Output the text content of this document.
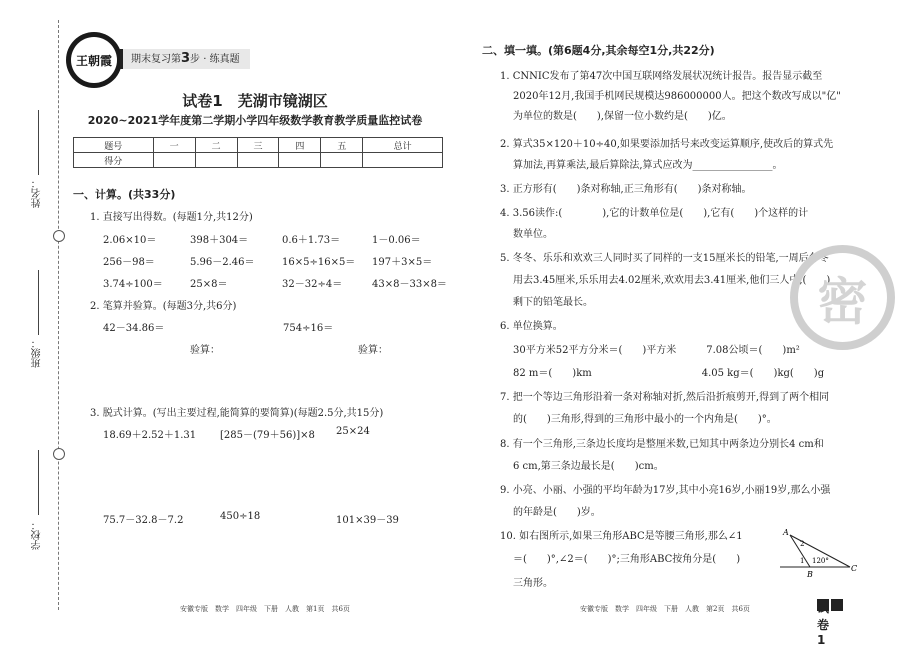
姓名：
班级：
学校：
王朝霞	期末复习第3步 · 练真题
试卷1　芜湖市镜湖区
2020~2021学年度第二学期小学四年级数学教育教学质量监控试卷
题号	一	二	三	四	五	总计
得分						
一、计算。(共33分)
1. 直接写出得数。(每题1分,共12分)
2.06×10＝	398＋304＝	0.6＋1.73＝	1－0.06＝
256－98＝	5.96－2.46＝	16×5÷16×5＝ 197＋3×5＝
3.74÷100＝	25×8＝	32－32÷4＝	43×8－33×8＝
2. 笔算并验算。(每题3分,共6分)
42－34.86＝	754÷16＝
验算：	验算：
3. 脱式计算。(写出主要过程,能简算的要简算)(每题2.5分,共15分)
18.69＋2.52＋1.31 [285－(79＋56)]×8 25×24
75.7－32.8－7.2	450÷18	101×39－39
二、填一填。(第6题4分,其余每空1分,共22分)
1. CNNIC发布了第47次中国互联网络发展状况统计报告。报告显示截至
2020年12月,我国手机网民规模达986000000人。把这个数改写成以"亿"
为单位的数是(　　),保留一位小数约是(　　)亿。
2. 算式35×120＋10÷40,如果要添加括号来改变运算顺序,使改后的算式先
算加法,再算乘法,最后算除法,算式应改为________________。
3. 正方形有(　　)条对称轴,正三角形有(　　)条对称轴。
4. 3.56读作:(　　　　),它的计数单位是(　　),它有(　　)个这样的计
数单位。
5. 冬冬、乐乐和欢欢三人同时买了同样的一支15厘米长的铅笔,一周后冬冬
用去3.45厘米,乐乐用去4.02厘米,欢欢用去3.41厘米,他们三人中,(　　)
剩下的铅笔最长。
6. 单位换算。
30平方米52平方分米＝(　　)平方米　　　7.08公顷＝(　　)m²
82 m＝(　　)km　　　　　　　　　　　4.05 kg＝(　　)kg(　　)g
7. 把一个等边三角形沿着一条对称轴对折,然后沿折痕剪开,得到了两个相同
的(　　)三角形,得到的三角形中最小的一个内角是(　　)°。
8. 有一个三角形,三条边长度均是整厘米数,已知其中两条边分别长4 cm和
6 cm,第三条边最长是(　　)cm。
9. 小亮、小丽、小强的平均年龄为17岁,其中小亮16岁,小丽19岁,那么小强
的年龄是(　　)岁。
10. 如右图所示,如果三角形ABC是等腰三角形,那么∠1
＝(　　)°,∠2＝(　　)°;三角形ABC按角分是(　　)
三角形。
A
B
C
1
2
120°
密
安徽专版　数学　四年级　下册　人教　第1页　共6页	安徽专版　数学　四年级　下册　人教　第2页　共6页	试卷1
